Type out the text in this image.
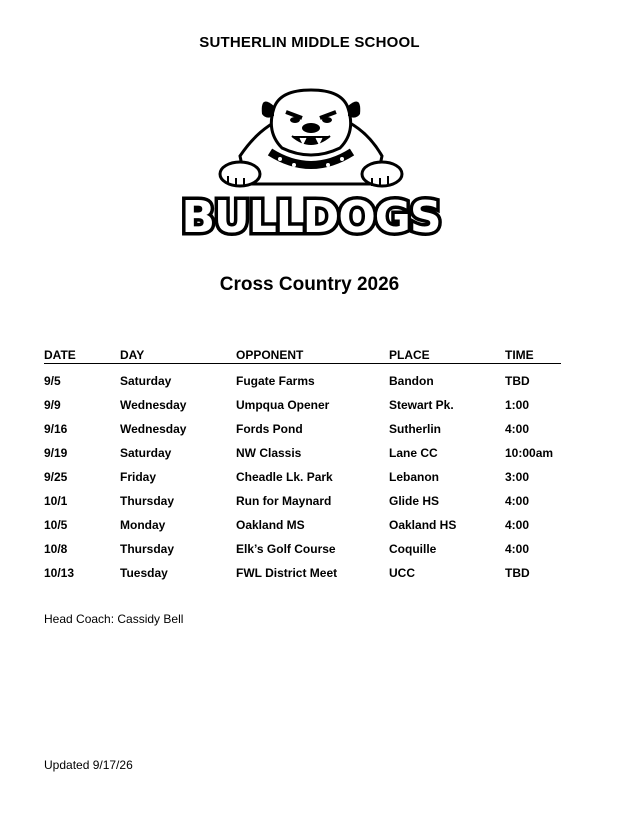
SUTHERLIN MIDDLE SCHOOL
BULLDOGS
Cross Country 2026
DATE	DAY	OPPONENT	PLACE	TIME

9/5	Saturday	Fugate Farms	Bandon	TBD
9/9	Wednesday	Umpqua Opener	Stewart Pk.	1:00
9/16	Wednesday	Fords Pond	Sutherlin	4:00
9/19	Saturday	NW Classis	Lane CC	10:00am
9/25	Friday	Cheadle Lk. Park	Lebanon	3:00
10/1	Thursday	Run for Maynard	Glide HS	4:00
10/5	Monday	Oakland MS	Oakland HS	4:00
10/8	Thursday	Elk’s Golf Course	Coquille	4:00
10/13	Tuesday	FWL District Meet	UCC	TBD
Head Coach: Cassidy Bell
Updated 9/17/26
